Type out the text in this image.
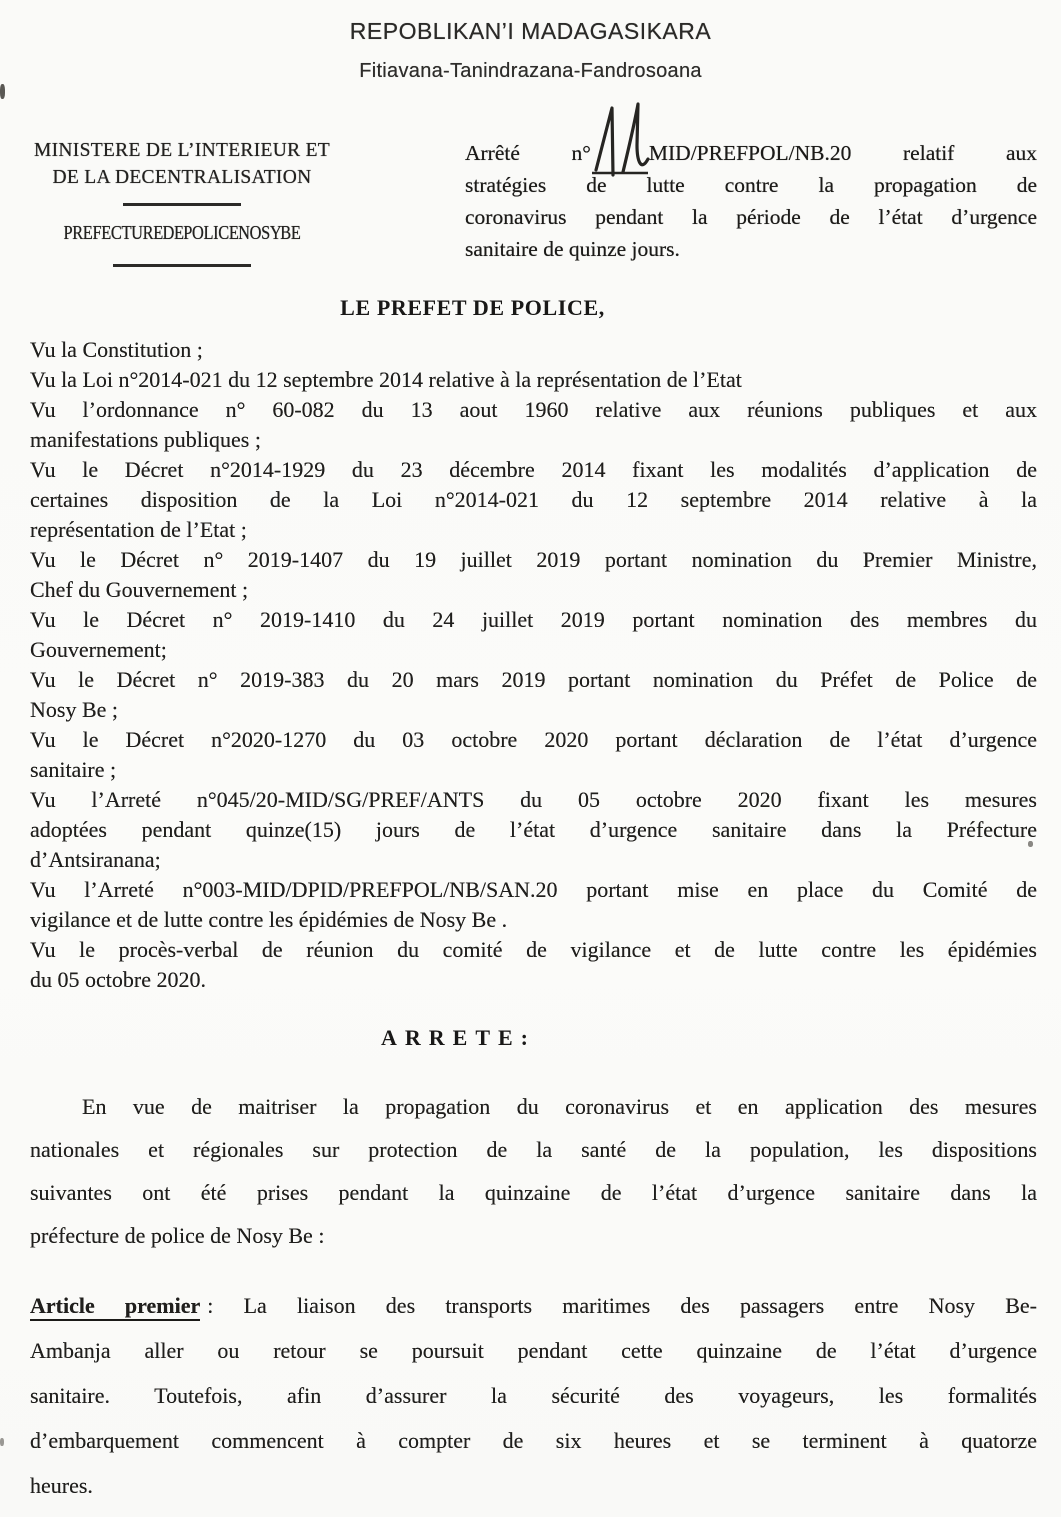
REPOBLIKAN’I MADAGASIKARA
Fitiavana-Tanindrazana-Fandrosoana
MINISTERE DE L’INTERIEUR ET
DE LA DECENTRALISATION
PREFECTURE DE POLICE NOSY BE
Arrêté n°	MID/PREFPOL/NB.20 relatif aux
stratégies de lutte contre la propagation de
coronavirus pendant la période de l’état d’urgence
sanitaire de quinze jours.
LE PREFET DE POLICE,
Vu la Constitution ;
Vu la Loi n°2014-021 du 12 septembre 2014 relative à la représentation de l’Etat
Vu l’ordonnance n° 60-082 du 13 aout 1960 relative aux réunions publiques et aux
manifestations publiques ;
Vu le Décret n°2014-1929 du 23 décembre 2014 fixant les modalités d’application de
certaines disposition de la Loi n°2014-021 du 12 septembre 2014 relative à la
représentation de l’Etat ;
Vu le Décret n° 2019-1407 du 19 juillet 2019 portant nomination du Premier Ministre,
Chef du Gouvernement ;
Vu le Décret n° 2019-1410 du 24 juillet 2019 portant nomination des membres du
Gouvernement;
Vu le Décret n° 2019-383 du 20 mars 2019 portant nomination du Préfet de Police de
Nosy Be ;
Vu le Décret n°2020-1270 du 03 octobre 2020 portant déclaration de l’état d’urgence
sanitaire ;
Vu l’Arreté n°045/20-MID/SG/PREF/ANTS du 05 octobre 2020 fixant les mesures
adoptées pendant quinze(15) jours de l’état d’urgence sanitaire dans la Préfecture
d’Antsiranana;
Vu l’Arreté n°003-MID/DPID/PREFPOL/NB/SAN.20 portant mise en place du Comité de
vigilance et de lutte contre les épidémies de Nosy Be .
Vu le procès-verbal de réunion du comité de vigilance et de lutte contre les épidémies
du 05 octobre 2020.
ARRETE:
En vue de maitriser la propagation du coronavirus et en application des mesures
nationales et régionales sur protection de la santé de la population, les dispositions
suivantes ont été prises pendant la quinzaine de l’état d’urgence sanitaire dans la
préfecture de police de Nosy Be :
Article premier : La liaison des transports maritimes des passagers entre Nosy Be-
Ambanja aller ou retour se poursuit pendant cette quinzaine de l’état d’urgence
sanitaire. Toutefois, afin d’assurer la sécurité des voyageurs, les formalités
d’embarquement commencent à compter de six heures et se terminent à quatorze
heures.
